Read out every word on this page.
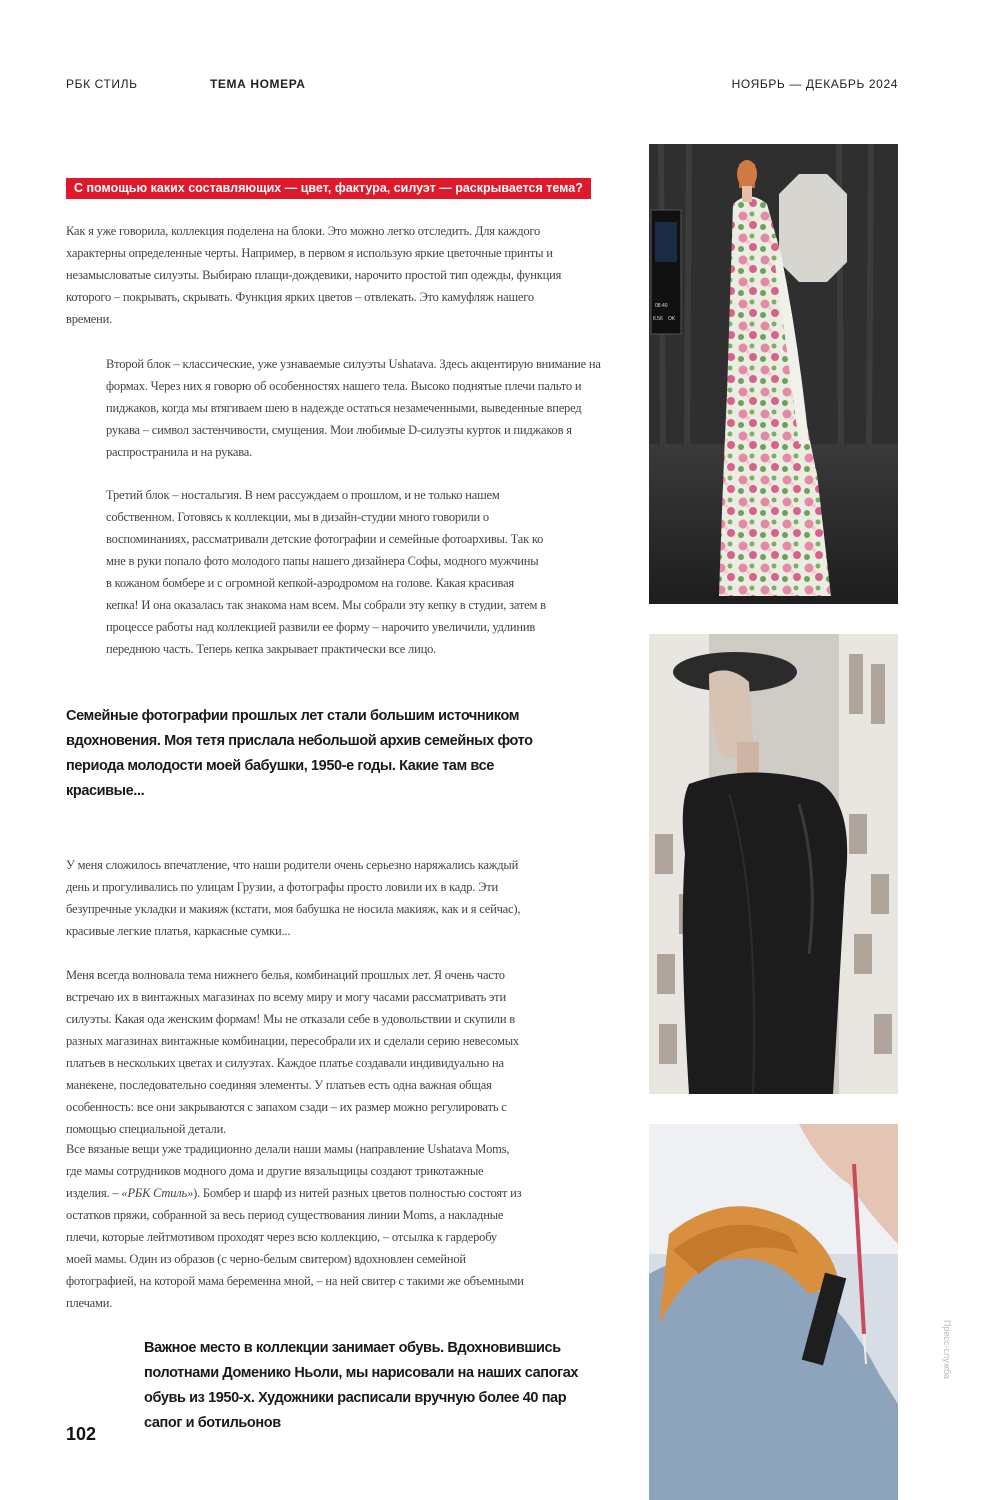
РБК СТИЛЬ	ТЕМА НОМЕРА	НОЯБРЬ — ДЕКАБРЬ 2024
С помощью каких составляющих — цвет, фактура, силуэт — раскрывается тема?

Как я уже говорила, коллекция поделена на блоки. Это можно легко отследить. Для каждого характерны определенные черты. Например, в первом я использую яркие цветочные принты и незамысловатые силуэты. Выбираю плащи-дождевики, нарочито простой тип одежды, функция которого – покрывать, скрывать. Функция ярких цветов – отвлекать. Это камуфляж нашего времени.

Второй блок – классические, уже узнаваемые силуэты Ushatava. Здесь акцентирую внимание на формах. Через них я говорю об особенностях нашего тела. Высоко поднятые плечи пальто и пиджаков, когда мы втягиваем шею в надежде остаться незамеченными, выведенные вперед рукава – символ застенчивости, смущения. Мои любимые D-силуэты курток и пиджаков я распространила и на рукава.

Третий блок – ностальгия. В нем рассуждаем о прошлом, и не только нашем собственном. Готовясь к коллекции, мы в дизайн-студии много говорили о воспоминаниях, рассматривали детские фотографии и семейные фотоархивы. Так ко мне в руки попало фото молодого папы нашего дизайнера Софы, модного мужчины в кожаном бомбере и с огромной кепкой-аэродромом на голове. Какая красивая кепка! И она оказалась так знакома нам всем. Мы собрали эту кепку в студии, затем в процессе работы над коллекцией развили ее форму – нарочито увеличили, удлинив переднюю часть. Теперь кепка закрывает практически все лицо.

Семейные фотографии прошлых лет стали большим источником вдохновения. Моя тетя прислала небольшой архив семейных фото периода молодости моей бабушки, 1950-е годы. Какие там все красивые...

У меня сложилось впечатление, что наши родители очень серьезно наряжались каждый день и прогуливались по улицам Грузии, а фотографы просто ловили их в кадр. Эти безупречные укладки и макияж (кстати, моя бабушка не носила макияж, как и я сейчас), красивые легкие платья, каркасные сумки...

Меня всегда волновала тема нижнего белья, комбинаций прошлых лет. Я очень часто встречаю их в винтажных магазинах по всему миру и могу часами рассматривать эти силуэты. Какая ода женским формам! Мы не отказали себе в удовольствии и скупили в разных магазинах винтажные комбинации, пересобрали их и сделали серию невесомых платьев в нескольких цветах и силуэтах. Каждое платье создавали индивидуально на манекене, последовательно соединяя элементы. У платьев есть одна важная общая особенность: все они закрываются с запахом сзади – их размер можно регулировать с помощью специальной детали.

Все вязаные вещи уже традиционно делали наши мамы (направление Ushatava Moms, где мамы сотрудников модного дома и другие вязальщицы создают трикотажные изделия. – «РБК Стиль»). Бомбер и шарф из нитей разных цветов полностью состоят из остатков пряжи, собранной за весь период существования линии Moms, а накладные плечи, которые лейтмотивом проходят через всю коллекцию, – отсылка к гардеробу моей мамы. Один из образов (с черно-белым свитером) вдохновлен семейной фотографией, на которой мама беременна мной, – на ней свитер с такими же объемными плечами.

Важное место в коллекции занимает обувь. Вдохновившись полотнами Доменико Ньоли, мы нарисовали на наших сапогах обувь из 1950-х. Художники расписали вручную более 40 пар сапог и ботильонов

102
Пресс-служба
08:40
6.56 OK
